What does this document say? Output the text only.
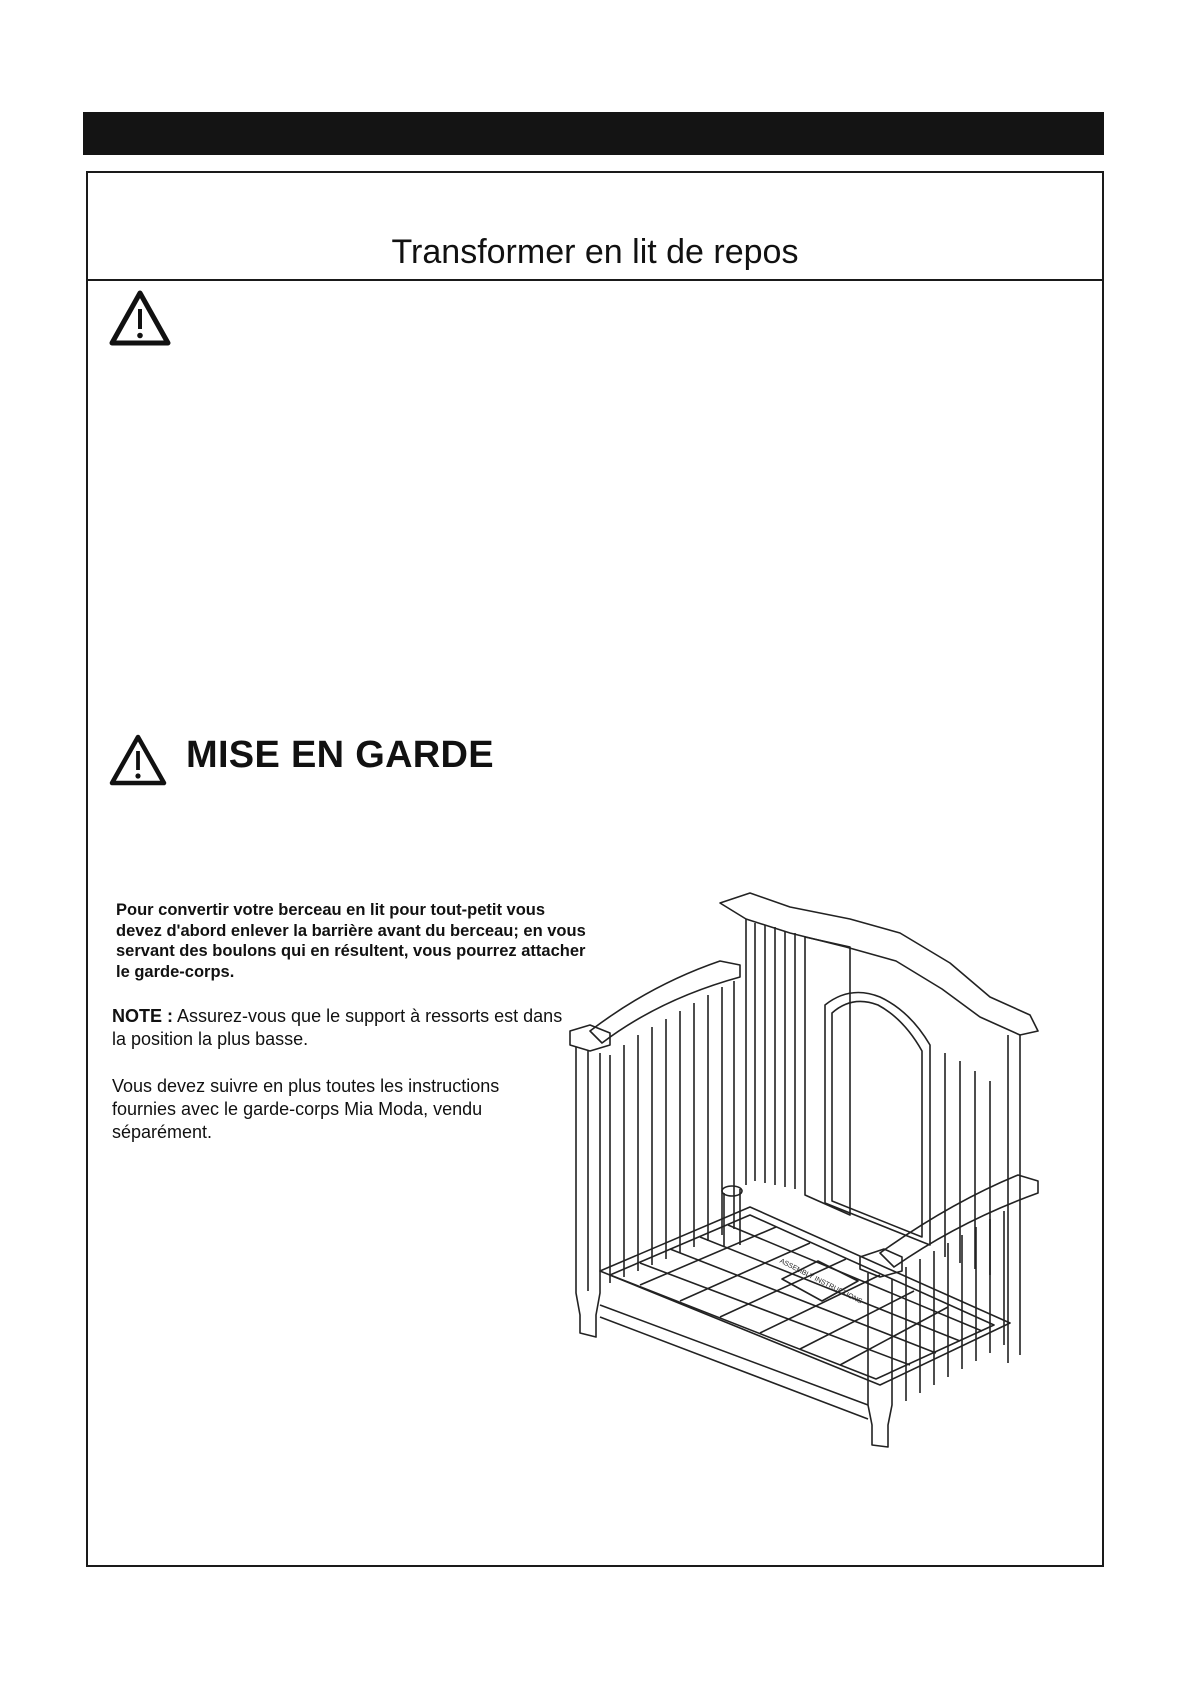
Transformer en lit de repos
MISE EN GARDE
Pour convertir votre berceau en lit pour tout-petit vous devez d'abord enlever la barrière avant du berceau; en vous servant des boulons qui en résultent, vous pourrez attacher le garde-corps.
NOTE : Assurez-vous que le support à ressorts est dans la position la plus basse.
Vous devez suivre en plus toutes les instructions fournies avec le garde-corps Mia Moda, vendu séparément.
ASSEMBLY INSTRUCTIONS
